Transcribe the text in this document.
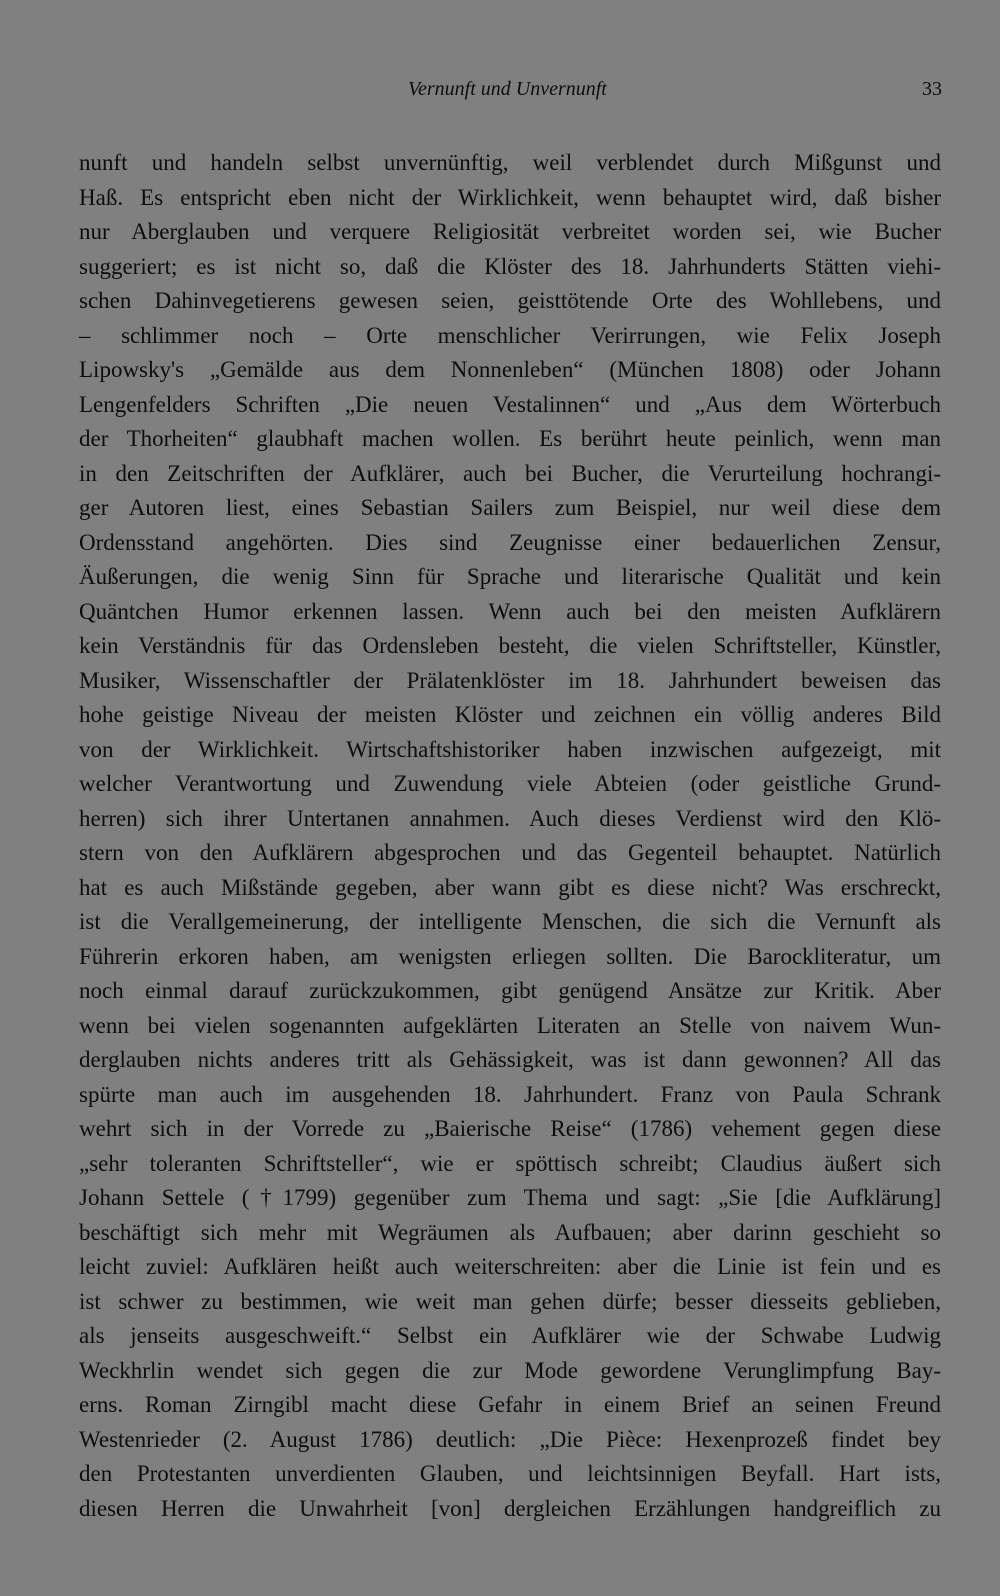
Vernunft und Unvernunft	33
nunft und handeln selbst unvernünftig, weil verblendet durch Mißgunst und
Haß. Es entspricht eben nicht der Wirklichkeit, wenn behauptet wird, daß bisher
nur Aberglauben und verquere Religiosität verbreitet worden sei, wie Bucher
suggeriert; es ist nicht so, daß die Klöster des 18. Jahrhunderts Stätten viehi-
schen Dahinvegetierens gewesen seien, geisttötende Orte des Wohllebens, und
– schlimmer noch – Orte menschlicher Verirrungen, wie Felix Joseph
Lipowsky's „Gemälde aus dem Nonnenleben“ (München 1808) oder Johann
Lengenfelders Schriften „Die neuen Vestalinnen“ und „Aus dem Wörterbuch
der Thorheiten“ glaubhaft machen wollen. Es berührt heute peinlich, wenn man
in den Zeitschriften der Aufklärer, auch bei Bucher, die Verurteilung hochrangi-
ger Autoren liest, eines Sebastian Sailers zum Beispiel, nur weil diese dem
Ordensstand angehörten. Dies sind Zeugnisse einer bedauerlichen Zensur,
Äußerungen, die wenig Sinn für Sprache und literarische Qualität und kein
Quäntchen Humor erkennen lassen. Wenn auch bei den meisten Aufklärern
kein Verständnis für das Ordensleben besteht, die vielen Schriftsteller, Künstler,
Musiker, Wissenschaftler der Prälatenklöster im 18. Jahrhundert beweisen das
hohe geistige Niveau der meisten Klöster und zeichnen ein völlig anderes Bild
von der Wirklichkeit. Wirtschaftshistoriker haben inzwischen aufgezeigt, mit
welcher Verantwortung und Zuwendung viele Abteien (oder geistliche Grund-
herren) sich ihrer Untertanen annahmen. Auch dieses Verdienst wird den Klö-
stern von den Aufklärern abgesprochen und das Gegenteil behauptet. Natürlich
hat es auch Mißstände gegeben, aber wann gibt es diese nicht? Was erschreckt,
ist die Verallgemeinerung, der intelligente Menschen, die sich die Vernunft als
Führerin erkoren haben, am wenigsten erliegen sollten. Die Barockliteratur, um
noch einmal darauf zurückzukommen, gibt genügend Ansätze zur Kritik. Aber
wenn bei vielen sogenannten aufgeklärten Literaten an Stelle von naivem Wun-
derglauben nichts anderes tritt als Gehässigkeit, was ist dann gewonnen? All das
spürte man auch im ausgehenden 18. Jahrhundert. Franz von Paula Schrank
wehrt sich in der Vorrede zu „Baierische Reise“ (1786) vehement gegen diese
„sehr toleranten Schriftsteller“, wie er spöttisch schreibt; Claudius äußert sich
Johann Settele (†1799) gegenüber zum Thema und sagt: „Sie [die Aufklärung]
beschäftigt sich mehr mit Wegräumen als Aufbauen; aber darinn geschieht so
leicht zuviel: Aufklären heißt auch weiterschreiten: aber die Linie ist fein und es
ist schwer zu bestimmen, wie weit man gehen dürfe; besser diesseits geblieben,
als jenseits ausgeschweift.“ Selbst ein Aufklärer wie der Schwabe Ludwig
Weckhrlin wendet sich gegen die zur Mode gewordene Verunglimpfung Bay-
erns. Roman Zirngibl macht diese Gefahr in einem Brief an seinen Freund
Westenrieder (2. August 1786) deutlich: „Die Pièce: Hexenprozeß findet bey
den Protestanten unverdienten Glauben, und leichtsinnigen Beyfall. Hart ists,
diesen Herren die Unwahrheit [von] dergleichen Erzählungen handgreiflich zu
